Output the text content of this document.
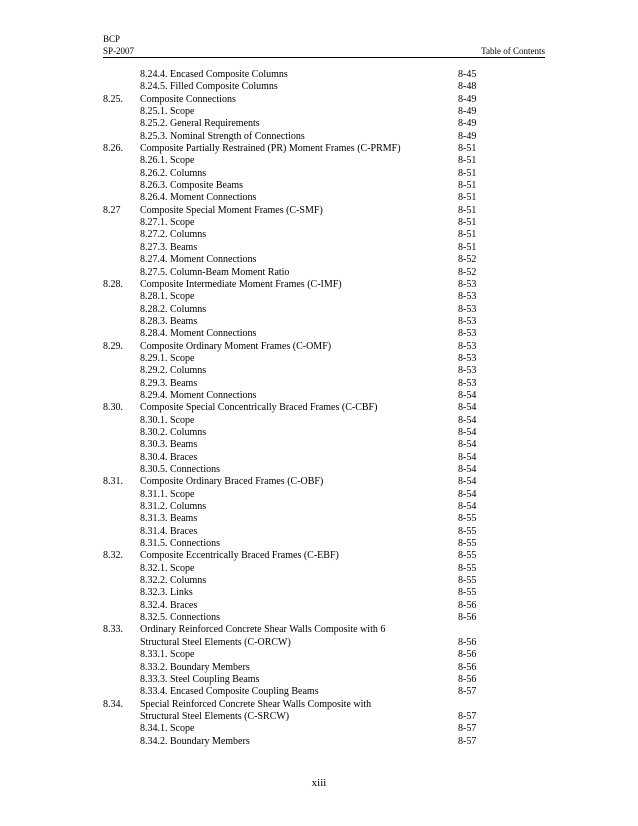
BCP
SP-2007	Table of Contents
8.24.4. Encased Composite Columns	8-45
8.24.5. Filled Composite Columns	8-48
8.25. Composite Connections	8-49
8.25.1. Scope	8-49
8.25.2. General Requirements	8-49
8.25.3. Nominal Strength of Connections	8-49
8.26. Composite Partially Restrained (PR) Moment Frames (C-PRMF)	8-51
8.26.1. Scope	8-51
8.26.2. Columns	8-51
8.26.3. Composite Beams	8-51
8.26.4. Moment Connections	8-51
8.27 Composite Special Moment Frames (C-SMF)	8-51
8.27.1. Scope	8-51
8.27.2. Columns	8-51
8.27.3. Beams	8-51
8.27.4. Moment Connections	8-52
8.27.5. Column-Beam Moment Ratio	8-52
8.28. Composite Intermediate Moment Frames (C-IMF)	8-53
8.28.1. Scope	8-53
8.28.2. Columns	8-53
8.28.3. Beams	8-53
8.28.4. Moment Connections	8-53
8.29. Composite Ordinary Moment Frames (C-OMF)	8-53
8.29.1. Scope	8-53
8.29.2. Columns	8-53
8.29.3. Beams	8-53
8.29.4. Moment Connections	8-54
8.30. Composite Special Concentrically Braced Frames (C-CBF)	8-54
8.30.1. Scope	8-54
8.30.2. Columns	8-54
8.30.3. Beams	8-54
8.30.4. Braces	8-54
8.30.5. Connections	8-54
8.31. Composite Ordinary Braced Frames (C-OBF)	8-54
8.31.1. Scope	8-54
8.31.2. Columns	8-54
8.31.3. Beams	8-55
8.31.4. Braces	8-55
8.31.5. Connections	8-55
8.32. Composite Eccentrically Braced Frames (C-EBF)	8-55
8.32.1. Scope	8-55
8.32.2. Columns	8-55
8.32.3. Links	8-55
8.32.4. Braces	8-56
8.32.5. Connections	8-56
8.33. Ordinary Reinforced Concrete Shear Walls Composite with 6
Structural Steel Elements (C-ORCW)	8-56
8.33.1. Scope	8-56
8.33.2. Boundary Members	8-56
8.33.3. Steel Coupling Beams	8-56
8.33.4. Encased Composite Coupling Beams	8-57
8.34. Special Reinforced Concrete Shear Walls Composite with
Structural Steel Elements (C-SRCW)	8-57
8.34.1. Scope	8-57
8.34.2. Boundary Members	8-57
xiii
